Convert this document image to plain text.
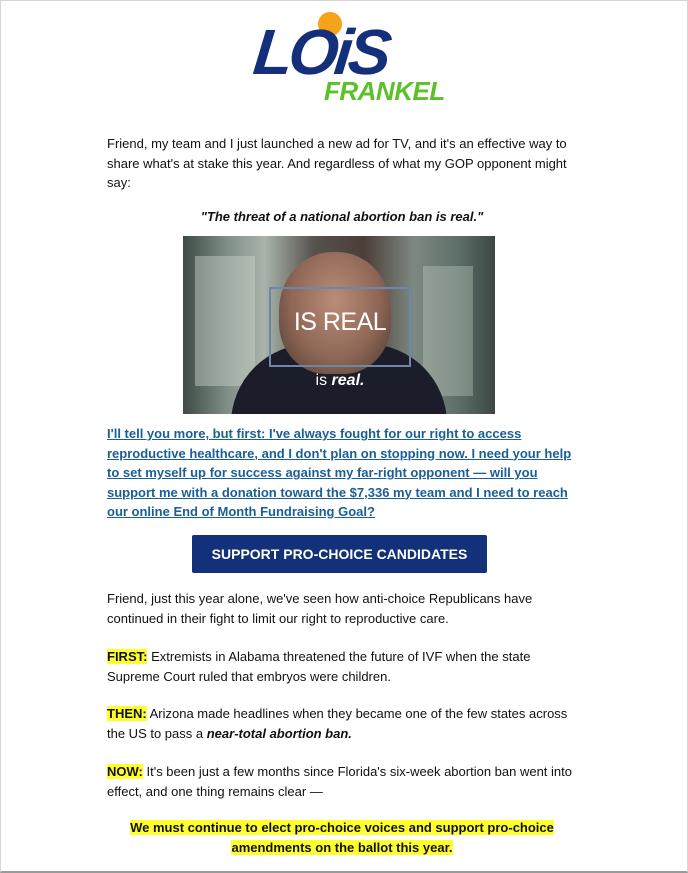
LOiS
FRANKEL

Friend, my team and I just launched a new ad for TV, and it's an effective way to share what's at stake this year. And regardless of what my GOP opponent might say:

"The threat of a national abortion ban is real."
IS REAL
is real.

I'll tell you more, but first: I've always fought for our right to access reproductive healthcare, and I don't plan on stopping now. I need your help to set myself up for success against my far-right opponent — will you support me with a donation toward the $7,336 my team and I need to reach our online End of Month Fundraising Goal?

SUPPORT PRO-CHOICE CANDIDATES

Friend, just this year alone, we've seen how anti-choice Republicans have continued in their fight to limit our right to reproductive care.

FIRST: Extremists in Alabama threatened the future of IVF when the state Supreme Court ruled that embryos were children.

THEN: Arizona made headlines when they became one of the few states across the US to pass a near-total abortion ban.

NOW: It's been just a few months since Florida's six-week abortion ban went into effect, and one thing remains clear —

We must continue to elect pro-choice voices and support pro-choice
amendments on the ballot this year.
